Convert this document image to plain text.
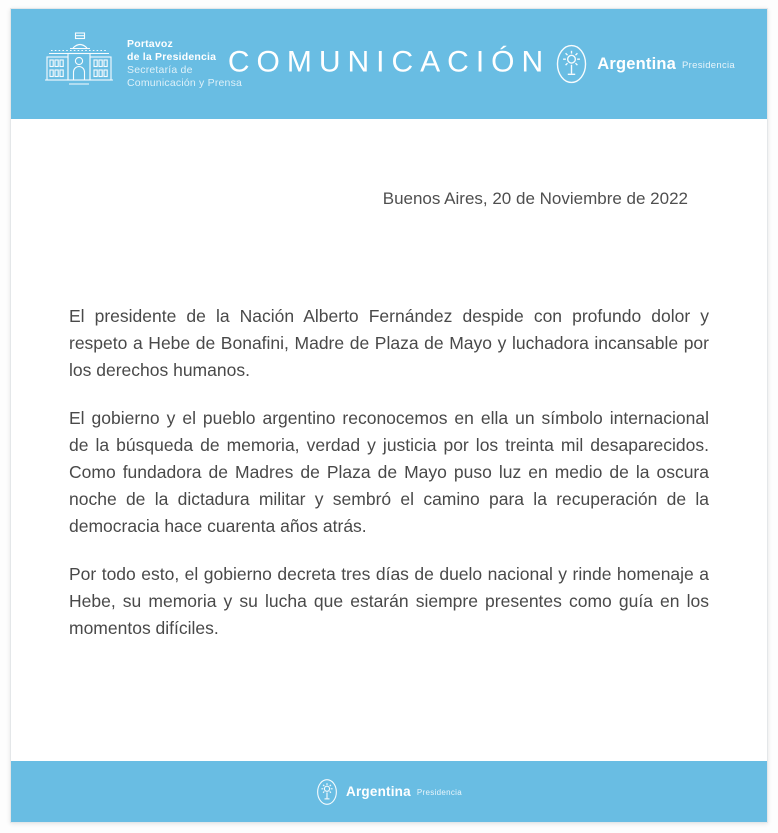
Portavoz
de la Presidencia
Secretaría de
Comunicación y Prensa
COMUNICACIÓN	Argentina Presidencia
Buenos Aires, 20 de Noviembre de 2022

El presidente de la Nación Alberto Fernández despide con profundo dolor y respeto a Hebe de Bonafini, Madre de Plaza de Mayo y luchadora incansable por los derechos humanos.

El gobierno y el pueblo argentino reconocemos en ella un símbolo internacional de la búsqueda de memoria, verdad y justicia por los treinta mil desaparecidos. Como fundadora de Madres de Plaza de Mayo puso luz en medio de la oscura noche de la dictadura militar y sembró el camino para la recuperación de la democracia hace cuarenta años atrás.

Por todo esto, el gobierno decreta tres días de duelo nacional y rinde homenaje a Hebe, su memoria y su lucha que estarán siempre presentes como guía en los momentos difíciles.

Argentina Presidencia
